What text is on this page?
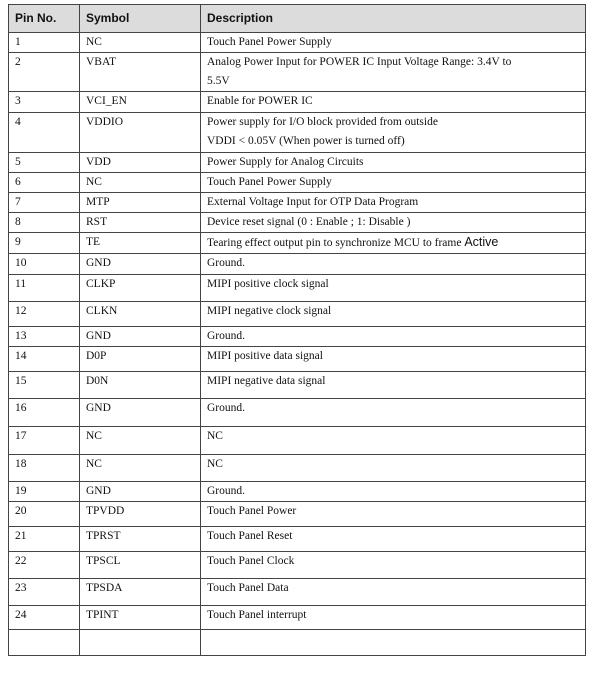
Pin No.	Symbol	Description
1	NC	Touch Panel Power Supply

2	VBAT	Analog Power Input for POWER IC Input Voltage Range: 3.4V to
5.5V

3	VCI_EN	Enable for POWER IC

4	VDDIO	Power supply for I/O block provided from outside
VDDI < 0.05V (When power is turned off)

5	VDD	Power Supply for Analog Circuits

6	NC	Touch Panel Power Supply

7	MTP	External Voltage Input for OTP Data Program

8	RST	Device reset signal (0 : Enable ; 1: Disable )

9	TE	Tearing effect output pin to synchronize MCU to frame Active

10	GND	Ground.

11	CLKP	MIPI positive clock signal

12	CLKN	MIPI negative clock signal

13	GND	Ground.

14	D0P	MIPI positive data signal

15	D0N	MIPI negative data signal

16	GND	Ground.

17	NC	NC

18	NC	NC

19	GND	Ground.

20	TPVDD	Touch Panel Power

21	TPRST	Touch Panel Reset

22	TPSCL	Touch Panel Clock

23	TPSDA	Touch Panel Data

24	TPINT	Touch Panel interrupt
